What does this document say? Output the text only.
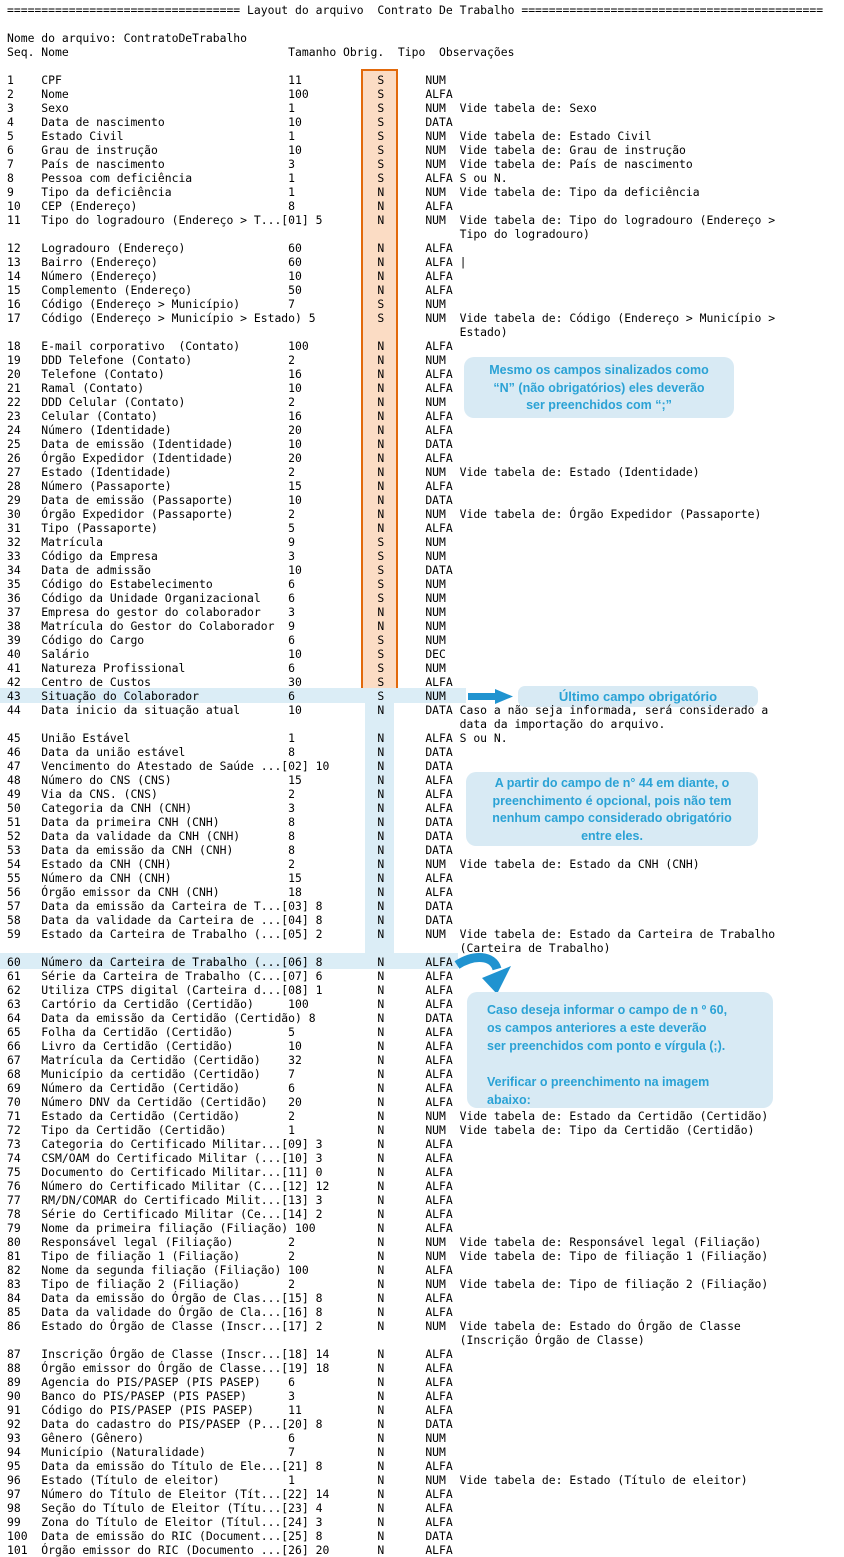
Mesmo os campos sinalizados como
“N” (não obrigatórios) eles deverão
ser preenchidos com “;”
Último campo obrigatório
A partir do campo de n° 44 em diante, o
preenchimento é opcional, pois não tem
nenhum campo considerado obrigatório
entre eles.
Caso deseja informar o campo de n º 60,
os campos anteriores a este deverão
ser preenchidos com ponto e vírgula (;).

Verificar o preenchimento na imagem
abaixo:
================================== Layout do arquivo  Contrato De Trabalho ============================================

Nome do arquivo: ContratoDeTrabalho
Seq. Nome                                Tamanho Obrig.  Tipo  Observações

1    CPF                                 11           S      NUM
2    Nome                                100          S      ALFA
3    Sexo                                1            S      NUM  Vide tabela de: Sexo
4    Data de nascimento                  10           S      DATA
5    Estado Civil                        1            S      NUM  Vide tabela de: Estado Civil
6    Grau de instrução                   10           S      NUM  Vide tabela de: Grau de instrução
7    País de nascimento                  3            S      NUM  Vide tabela de: País de nascimento
8    Pessoa com deficiência              1            S      ALFA S ou N.
9    Tipo da deficiência                 1            N      NUM  Vide tabela de: Tipo da deficiência
10   CEP (Endereço)                      8            N      ALFA
11   Tipo do logradouro (Endereço > T...[01] 5        N      NUM  Vide tabela de: Tipo do logradouro (Endereço >
Tipo do logradouro)
12   Logradouro (Endereço)               60           N      ALFA
13   Bairro (Endereço)                   60           N      ALFA |
14   Número (Endereço)                   10           N      ALFA
15   Complemento (Endereço)              50           N      ALFA
16   Código (Endereço > Município)       7            S      NUM
17   Código (Endereço > Município > Estado) 5         S      NUM  Vide tabela de: Código (Endereço > Município >
Estado)
18   E-mail corporativo  (Contato)       100          N      ALFA
19   DDD Telefone (Contato)              2            N      NUM
20   Telefone (Contato)                  16           N      ALFA
21   Ramal (Contato)                     10           N      ALFA
22   DDD Celular (Contato)               2            N      NUM
23   Celular (Contato)                   16           N      ALFA
24   Número (Identidade)                 20           N      ALFA
25   Data de emissão (Identidade)        10           N      DATA
26   Órgão Expedidor (Identidade)        20           N      ALFA
27   Estado (Identidade)                 2            N      NUM  Vide tabela de: Estado (Identidade)
28   Número (Passaporte)                 15           N      ALFA
29   Data de emissão (Passaporte)        10           N      DATA
30   Órgão Expedidor (Passaporte)        2            N      NUM  Vide tabela de: Órgão Expedidor (Passaporte)
31   Tipo (Passaporte)                   5            N      ALFA
32   Matrícula                           9            S      NUM
33   Código da Empresa                   3            S      NUM
34   Data de admissão                    10           S      DATA
35   Código do Estabelecimento           6            S      NUM
36   Código da Unidade Organizacional    6            S      NUM
37   Empresa do gestor do colaborador    3            N      NUM
38   Matrícula do Gestor do Colaborador  9            N      NUM
39   Código do Cargo                     6            S      NUM
40   Salário                             10           S      DEC
41   Natureza Profissional               6            S      NUM
42   Centro de Custos                    30           S      ALFA
43   Situação do Colaborador             6            S      NUM
44   Data inicio da situação atual       10           N      DATA Caso a não seja informada, será considerado a
data da importação do arquivo.
45   União Estável                       1            N      ALFA S ou N.
46   Data da união estável               8            N      DATA
47   Vencimento do Atestado de Saúde ...[02] 10       N      DATA
48   Número do CNS (CNS)                 15           N      ALFA
49   Via da CNS. (CNS)                   2            N      ALFA
50   Categoria da CNH (CNH)              3            N      ALFA
51   Data da primeira CNH (CNH)          8            N      DATA
52   Data da validade da CNH (CNH)       8            N      DATA
53   Data da emissão da CNH (CNH)        8            N      DATA
54   Estado da CNH (CNH)                 2            N      NUM  Vide tabela de: Estado da CNH (CNH)
55   Número da CNH (CNH)                 15           N      ALFA
56   Órgão emissor da CNH (CNH)          18           N      ALFA
57   Data da emissão da Carteira de T...[03] 8        N      DATA
58   Data da validade da Carteira de ...[04] 8        N      DATA
59   Estado da Carteira de Trabalho (...[05] 2        N      NUM  Vide tabela de: Estado da Carteira de Trabalho
(Carteira de Trabalho)
60   Número da Carteira de Trabalho (...[06] 8        N      ALFA
61   Série da Carteira de Trabalho (C...[07] 6        N      ALFA
62   Utiliza CTPS digital (Carteira d...[08] 1        N      ALFA
63   Cartório da Certidão (Certidão)     100          N      ALFA
64   Data da emissão da Certidão (Certidão) 8         N      DATA
65   Folha da Certidão (Certidão)        5            N      ALFA
66   Livro da Certidão (Certidão)        10           N      ALFA
67   Matrícula da Certidão (Certidão)    32           N      ALFA
68   Município da certidão (Certidão)    7            N      ALFA
69   Número da Certidão (Certidão)       6            N      ALFA
70   Número DNV da Certidão (Certidão)   20           N      ALFA
71   Estado da Certidão (Certidão)       2            N      NUM  Vide tabela de: Estado da Certidão (Certidão)
72   Tipo da Certidão (Certidão)         1            N      NUM  Vide tabela de: Tipo da Certidão (Certidão)
73   Categoria do Certificado Militar...[09] 3        N      ALFA
74   CSM/OAM do Certificado Militar (...[10] 3        N      ALFA
75   Documento do Certificado Militar...[11] 0        N      ALFA
76   Número do Certificado Militar (C...[12] 12       N      ALFA
77   RM/DN/COMAR do Certificado Milit...[13] 3        N      ALFA
78   Série do Certificado Militar (Ce...[14] 2        N      ALFA
79   Nome da primeira filiação (Filiação) 100         N      ALFA
80   Responsável legal (Filiação)        2            N      NUM  Vide tabela de: Responsável legal (Filiação)
81   Tipo de filiação 1 (Filiação)       2            N      NUM  Vide tabela de: Tipo de filiação 1 (Filiação)
82   Nome da segunda filiação (Filiação) 100          N      ALFA
83   Tipo de filiação 2 (Filiação)       2            N      NUM  Vide tabela de: Tipo de filiação 2 (Filiação)
84   Data da emissão do Órgão de Clas...[15] 8        N      ALFA
85   Data da validade do Órgão de Cla...[16] 8        N      ALFA
86   Estado do Órgão de Classe (Inscr...[17] 2        N      NUM  Vide tabela de: Estado do Órgão de Classe
(Inscrição Órgão de Classe)
87   Inscrição Órgão de Classe (Inscr...[18] 14       N      ALFA
88   Órgão emissor do Órgão de Classe...[19] 18       N      ALFA
89   Agencia do PIS/PASEP (PIS PASEP)    6            N      ALFA
90   Banco do PIS/PASEP (PIS PASEP)      3            N      ALFA
91   Código do PIS/PASEP (PIS PASEP)     11           N      ALFA
92   Data do cadastro do PIS/PASEP (P...[20] 8        N      DATA
93   Gênero (Gênero)                     6            N      NUM
94   Município (Naturalidade)            7            N      NUM
95   Data da emissão do Título de Ele...[21] 8        N      ALFA
96   Estado (Título de eleitor)          1            N      NUM  Vide tabela de: Estado (Título de eleitor)
97   Número do Título de Eleitor (Tít...[22] 14       N      ALFA
98   Seção do Título de Eleitor (Títu...[23] 4        N      ALFA
99   Zona do Título de Eleitor (Títul...[24] 3        N      ALFA
100  Data de emissão do RIC (Document...[25] 8        N      DATA
101  Órgão emissor do RIC (Documento ...[26] 20       N      ALFA
